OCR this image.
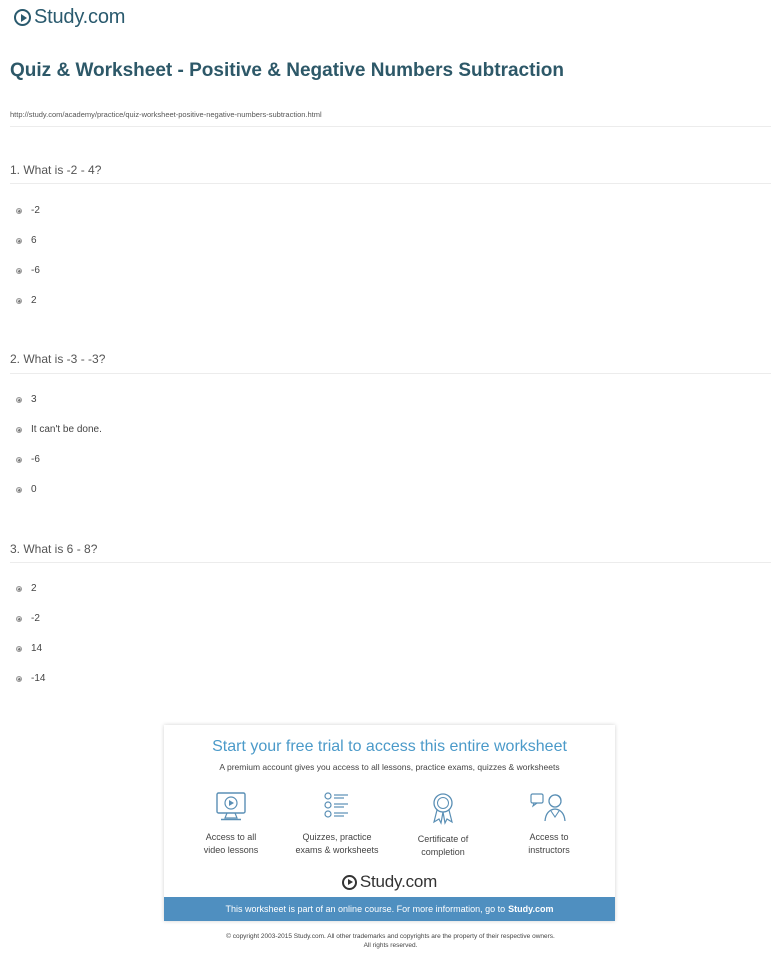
Study.com
Quiz & Worksheet - Positive & Negative Numbers Subtraction
http://study.com/academy/practice/quiz-worksheet-positive-negative-numbers-subtraction.html
1. What is -2 - 4?
-2
6
-6
2
2. What is -3 - -3?
3
It can't be done.
-6
0
3. What is 6 - 8?
2
-2
14
-14
Start your free trial to access this entire worksheet
A premium account gives you access to all lessons, practice exams, quizzes & worksheets
Access to all
video lessons
Quizzes, practice
exams & worksheets
Certificate of
completion
Access to
instructors
Study.com
This worksheet is part of an online course. For more information, go to Study.com
© copyright 2003-2015 Study.com. All other trademarks and copyrights are the property of their respective owners.
All rights reserved.
